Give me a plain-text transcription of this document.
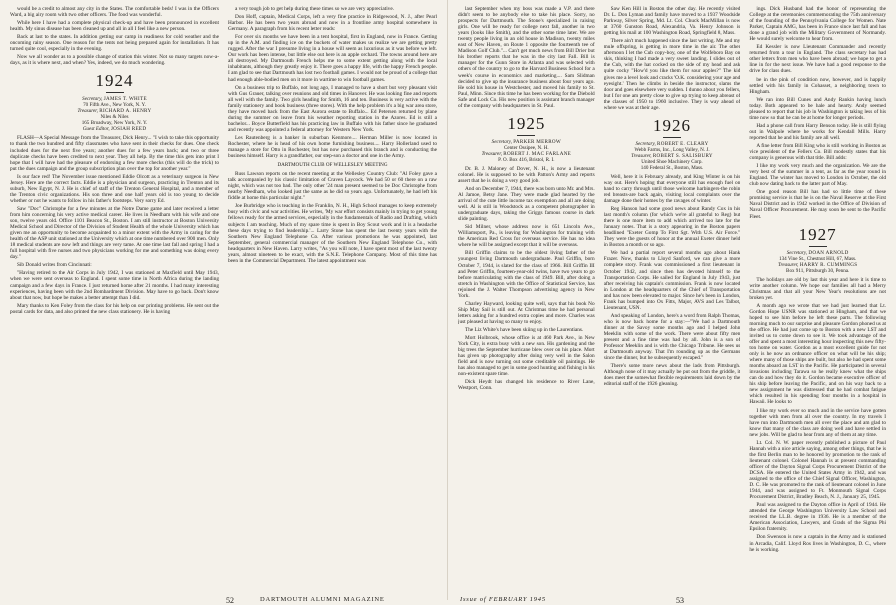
would be a credit to almost any city in the States. The comfortable beds! I was in the Officers Ward, a big airy room with two other officers. The food was wonderful.

While here I have had a complete physical check-up and have been pronounced in excellent health. My sinus disease has been cleaned up and all in all I feel like a new person.

Back at last to the states. In addition getting our camp in readiness for cold weather and the oncoming rainy season. One reason for the tents not being prepared again for installation. It has turned quite cool, especially in the evening.

Now we all wonder as to a possible change of station this winter. Not so many targets now-a-days, as it is where next, and when? Yes, indeed, we do much wondering.

1924
Secretary, JAMES T. WHITE
70 Fifth Ave., New York, N. Y.
Treasurer, RICHARD A. HENRY
Niles & Niles
165 Broadway, New York, N. Y.
Guest Editor, JOSIAH REED

FLASH—A Special Message from the Treasurer, Dick Henry... "I wish to take this opportunity to thank the two hundred and fifty classmates who have sent in their checks for dues. One check included dues for the next five years; another dues for a few years back; and two or three duplicate checks have been credited to next year. They all help. By the time this gets into print I hope that I will have had the pleasure of endorsing a few more checks (this will do the trick) to put the dues campaign and the group subscription plan over the top for another year."

Is our face red! The November issue mentioned Eddie Olcott as a veterinary surgeon in New Jersey. Here are the correct facts. Eddie is a physician and surgeon, practicing in Trenton and its suburb, New Egypt, N. J. He is chief of staff of the Trenton General Hospital, and a member of the Trenton civic organizations. His son three and one half years old is too young to decide whether or not he wants to follow in his father's footsteps. Very sorry Ed.

Saw "Doc" Christophe for a few minutes at the Notre Dame game and later received a letter from him concerning his very active medical career. He lives in Needham with his wife and one son, twelve years old. Office 1101 Beacon St., Boston. I am still instructor at Boston University Medical School and Director of the Division of Student Health of the whole University which has given me an opportunity to become acquainted to a minor extent with the Army in caring for the health of the ASP unit stationed at the University which at one time numbered over 900 men. Only 18 medical students are now left and things are very tame. At one time last fall and spring I had a full hospital with five nurses and two physicians working for me and something was doing every day."

Sib Donald writes from Cincinnati:

"Having retired to the Air Corps in July 1942, I was stationed at Maxfield until May 1943, when we were sent overseas to England. I spent some time in North Africa during the landing campaign and a few days in France. I just returned home after 21 months. I had many interesting experiences, having been with the 2nd Bombardment Division. May have to go back. Don't know about that now, but hope be makes a better attempt than I did.

Mary thanks to Ken Foley from the class for his help on our printing problems. He sent out the postal cards for data, and also printed the new class stationery. He is having

a very tough job to get help during these times so we are very appreciative.

Don Hoff, captain, Medical Corps, left a very fine practice in Ridgewood, N. J., after Pearl Harbor. He has been two years abroad and now in a frontline army hospital somewhere in Germany. A paragraph from his recent letter reads:

For over six months we have been in a tent hospital, first in England, now in France. Getting up in the A.M. and finding ice on the buckets of water makes us realize we are getting pretty rugged. After the war I presume living in a house will seem as luxurious as it was before we left. Our work has been intense, but little else out here is an apple orchard. The towns around here are all destroyed. My Dartmouth French helps me to some extent getting along with the local inhabitants, although they greatly enjoy it. There goes a happy life, with the happy French people. I am glad to see that Dartmouth has lost two football games. I would not be proud of a college that had enough able-bodied men on it more in wartime to win football games.

On a business trip to Buffalo, not long ago, I managed to have a short but very pleasant visit with Gus Grauer, talking over reunions and old times in Hanover. He was looking fine and reports all well with the family. Two girls heading for Smith, 16 and ten. Business is very active with the family stationery and book business (three stores). With the help problem it's a big war area store, they have moved back from the East Aurora estate to Buffalo... Ed Petersen returned by plane during the summer on leave from his weather reporting station in the Azores. Ed is still a bachelor... Boyce Butterfield has his practicing law in Buffalo with his father since he graduated and recently was appointed a federal attorney for Western New York.

Les Rautenberg is a banker in suburban Kenmore.... Herman Miller is now located in Rochester, where he is head of his own home furnishing business.... Harry Hollerland used to manage a store for Otto in Rochester, but has now purchased this branch and is conducting the business himself. Harry is a grandfather, our step-son a doctor and one in the Army.

DARTMOUTH CLUB OF WELLESLEY MEETING

Russ Lawson reports on the recent meeting at the Wellesley Country Club: "Al Foley gave a talk accompanied by his classic limitation of Craven Laycock. We had 50 or 60 there on a raw night, which was not too bad. The only other '24 man present seemed to be Doc Christophe from nearby Needham, who looked just the same as he did so years ago. Unfortunately, he had left his fiddle at home this particular night."

Joe Burbridge who is teaching in the Franklin, N. H., High School manages to keep extremely busy with civic and war activities. He writes, 'My war effort consists mainly in trying to get young fellows ready for the armed services, especially in the fundamentals of Radio and Drafting, which subjects I am teaching. Much of my spare time is spent in Boy Scout work and it is a headache these days trying to find leadership.'... Larry Stone has spent the last twenty years with the Southern New England Telephone Co. After various promotions he was appointed, last September, general commercial manager of the Southern New England Telephone Co., with headquarters in New Haven. Larry writes, "As you will note, I have spent most of the last twenty years, almost nineteen to be exact, with the S.N.E. Telephone Company. Most of this time has been in the Commercial Department. The latest appointment was

52	DARTMOUTH ALUMNI MAGAZINE

last September when my boss was made a V.P. and there didn't seem to be anybody else to take his place. Sorry, no prospects for Dartmouth. The Stone's specialized in raising girls. One will be ready for college next fall, another in two years (looks like Smith), and the other some time later. We are twenty people living in an old house in Madison, twenty miles east of New Haven, on Route 1 opposite the fourteenth tee of Madison Golf Club."... Can't get much news from Bill Drier but his brother reports that he was in the city last Fall. Bill is manager for the Gunn Store in Atlanta and was selected with others of the country to go to the Harvard Business School for a week's course in economics and marketing.... Sam Slidman decided to give up the insurance business about four years ago. He sold his house in Westchester, and moved his family to St. Paul, Minn. Since this time he has been working for the Diebold Safe and Lock Co. His new position is assistant branch manager of the company with headquarters in St. Paul.

1925
Secretary, PARKER MERROW
Center Ossipee, N. H.
Treasurer, ROBERT J. MAC FARLANE
P. O. Box 416, Bristol, R. I.

Dr. B. J. Maloney of Dover, N. H., is now a lieutenant colonel. He is supposed to be with Patton's Army and reports assert that he is doing a very good job.

And on December 7, 1944, there was born unto Mr. and Mrs. Al Jamoe, Betsy Jane. They were made glad hearted by the arrival of the cute little income tax exemption and all are doing well. Al is still in Woodstock as a competent photographer in undergraduate days, taking the Griggs famous course in dark slide painting.

Sid Milner, whose address now is 651 Lincoln Ave., Williamsport, Pa., is leaving for Washington for training with the American Red Cross for overseas service. He has no idea where he will be assigned except that it will be overseas.

Bill Griffin claims to be the oldest living father of the youngest living Dartmouth undergraduate. Paul Griffin, born October 7, 1944, is slated for the class of 1966. Bill Griffin III and Peter Griffin, fourteen-year-old twins, have two years to go before matriculating with the class of 1949. Bill, after doing a stretch in Washington with the Office of Statistical Service, has rejoined the J. Walter Thompson advertising agency in New York.

Charley Hayward, looking quite well, says that his book No Ship May Sail is still out. At Christmas time he had personal letters asking for a hundred extra copies and more. Charles was just pleased at having so many to enjoy.

The Liz White's have been skiing up in the Laurentians.

Mort Holbrook, whose office is at 460 Park Ave., in New York City, is extra busy with a new son. His gardening and the big trees the September hurricane blew over on his place. Mort has given up photography after doing very well in the Salon field and is now turning out some creditable oil paintings. He has also managed to get in some good hunting and fishing in his non-existent spare time.

Dick Heydt has changed his residence to River Lane, Westport, Conn.

Saw Ken Hill in Boston the other day. He recently visited Dr. L. Don Lyman and family have moved to a 1937 Woodside Parkway, Silver Spring, Md. Lt. Col. Chuck MacMillan is now at 3760 Gunston Road, Alexandria, Va. Henry Johnson is getting his mail at 100 Washington Road, Springfield 8, Mass.

There ain't much happened since the last writing. Me and my mule offspring, is getting in more time in the air. The other afternoon I let the Cub copy-boy, one of the Wolfeboro Bay on skis, thinking I had made a very sweet landing. I slides out of the Cub, with the hat cocked on the side of my head and ask quite cocky "How'd you like them for sour apples?" The kid gives me a level look and cracks 'O.K. considering your age and eyesight.' Then he climbs in beside the instructor, slams the door and goes elsewhere very sudden. I dunno about you fellers, but I for one am pretty close to give up trying to keep abreast of the classes of 1950 to 1960 inclusive. They is way ahead of where we was at their age.

1926
Secretary, ROBERT E. CLEARY
Webb Farms, Inc., Long Valley, N. J.
Treasurer, ROBERT S. SALISBURY
United Shoe Machinery Corp.
140 Federal St., Boston, Mass.

Well, here it is February already, and King Winter is on his way out. Here's hoping that everyone still has enough fuel on hand to carry through until those welcome harbingers-the robin red breasts-are back again, visiting local complaints over the damage done their homes by the ravages of winter.

Reg Hanson had some good news about Randy Cox in his last month's column (for which we're all grateful to Reg) but there is one more item to add which arrived too late for the January notes. That is a story appearing in the Boston papers headlined "Exeter Gomp To First Sgt. With U.S. Air Force." They were the guests of honor at the annual Exeter dinner held in Boston a month or so ago.

We had a partial report several months ago about Hank Frazer. Now, thanks to Lloyd Sanford, we can give a more complete story. Frank was commissioned a first lieutenant in October 1942, and since then has devoted himself to the Transportation Corps. He sailed for England in July 1943, just after receiving his captain's commission. Frank is now located in London at the headquarters of the Chief of Transportation and has now been elevated to major. Since he's been in London, Frank has bumped into Ox Fitts, Major, AVS and Les Talbot, Lieutenant, USN.

And speaking of London, here's a word from Ralph Thomas, who is now back home for a stay:—"We had a Dartmouth dinner at the Savoy some months ago and I helped John Meeklin with some of the work. There were about fifty men present and a fine time was had by all. John is a son of Professor Meeklin and is with the Chicago Tribune. He sees us at Dartmouth anyway. That I'm rounding up as the Germans since the dinner, but he subsequently escaped."

There's some more news about the lads from Pittsburgh. Although none of it may actually be put out from the griddle, it does meet the somewhat flexible requirements laid down by the editorial staff of the 1926 gleaning.

ings. Dick Husband had the honor of representing the College at the ceremonies commemorating the 75th anniversary of the founding of the Pennsylvania College for Women. Nate Parker, Captain AMG, has been in France since last fall and has done a grand job with the Military Government of Normandy. He would surely welcome to hear from.

Ed Kessler is now Lieutenant Commander and recently returned from a tour in England. The class secretary has had other letters from men who have been abroad; we hope to get a line in for the next issue. We have had a good response to the drive for class dues.

be in the pink of condition now, however, and is happily settled with his family in Cohasset, a neighboring town to Hingham.

We ran into Bill Cunes and Andy Rankin having lunch today. Both appeared to be hale and hearty. Andy seemed pleased to report that his job in Washington is taking less of his time now so that he can be at home for longer periods.

Had a phone call from Harry Benson today. He is still flying out in Walpole where he works for Kendall Mills. Harry reported that he and his family are all well.

A fine letter from Bill King who is still working in Boston as vice president of the Fellers Co. Bill modestly states that his company is generous with that title. Bill adds:

I like my work very much and the organization. We are the very best of the summer in a tent, as far as the year round in England. The winter has moved to London in October, the old club now dating back to the latter part of May.

One good reason Bill has had so little time of these promising service is that he is on the Naval Reserve at the First Naval District and in 1942 worked in the Office of Division of Naval Officer Procurement. He may soon be sent to the Pacific Fleet.

1927
Secretary, DOAN ARNOLD
134 Vine St., Chestnut Hill, 67, Mass.
Treasurer, HARRY R. CUMMINGS
Box 911, Pittsburgh 30, Penna.

The holidays are old by last this year and here it is time to write another column. We hope our families all had a Merry Christmas and that all your New Year's resolutions are not broken yet.

A month ago we wrote that we had just learned that Lt. Gordon Hope USNR was stationed at Hingham, and that we hoped to see him before he left these parts. The following morning much to our surprise and pleasure Gordon phoned us at the office. He had just come up to Boston with a new LST and invited us to come down to see it. We took advantage of the offer and spent a most interesting hour inspecting this new fifty-ton home on water. Gordon as a most excellent guide for not only is he now an ordnance officer on what will be his ship; where many of those ships are built, but also he had spent some months aboard an LST in the Pacific. He participated in several invasions including Tarawa so he really knew what the ships can do and how they do it. Gordon became executive officer of his ship before leaving the Pacific, and on his way back to a new assignment he was distressed that he had combat fatigue which resulted in his spending four months in a hospital in Hawaii. He looks to

I like my work ever so much and in the service have gotten together with men from all over the country. In my travels I have run into Dartmouth men all over the place and am glad to know that many of the class are doing well and have settled in new jobs. Will be glad to hear from any of them at any time.

Lt. Col. N. W. paper recently published a picture of Paul Hannah with a nice article saying, among other things, that he is the first Berlin man to be honored by promotion to the rank of lieutenant colonel. Colonel Hannah is at present commanding officer of the Dayton Signal Corps Procurement District of the DCSA. He entered the United States Army in 1942, and was assigned to the office of the Chief Signal Officer, Washington, D. C. He was promoted to the rank of lieutenant colonel in June 1944, and was assigned to Ft. Monmouth Signal Corps Procurement District, Bradley Beach, N. J., January 25, 1945.

Paul was assigned to the Dayton office in April of 1944. He attended the George Washington University Law School and received the LL.B. degree in 1936. He is a member of the American Association, Lawyers, and Grads of the Sigma Phi Epsilon fraternity.

Don Swenson is now a captain in the Army and is stationed in Arcadia, Calif. Lloyd Ros lives in Washington, D. C., where he is working.

Issue of FEBRUARY 1945	53
